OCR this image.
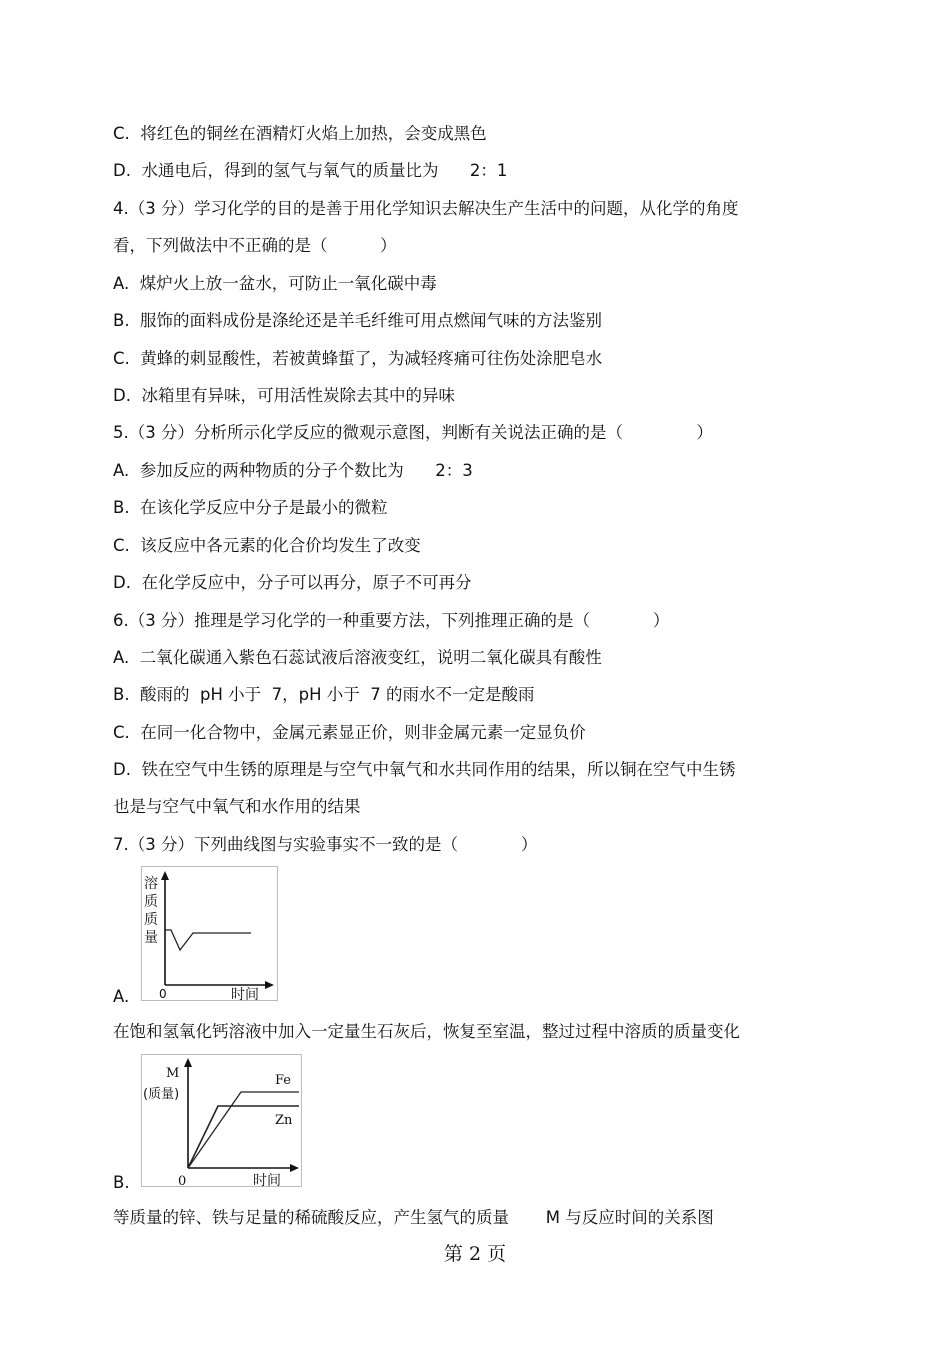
C.  将红色的铜丝在酒精灯火焰上加热，会变成黑色
D.  水通电后，得到的氢气与氧气的质量比为      2：1
4.（3 分）学习化学的目的是善于用化学知识去解决生产生活中的问题，从化学的角度
看，下列做法中不正确的是（          ）
A.  煤炉火上放一盆水，可防止一氧化碳中毒
B.  服饰的面料成份是涤纶还是羊毛纤维可用点燃闻气味的方法鉴别
C.  黄蜂的刺显酸性，若被黄蜂蜇了，为减轻疼痛可往伤处涂肥皂水
D.  冰箱里有异味，可用活性炭除去其中的异味
5.（3 分）分析所示化学反应的微观示意图，判断有关说法正确的是（              ）
A.  参加反应的两种物质的分子个数比为      2：3
B.  在该化学反应中分子是最小的微粒
C.  该反应中各元素的化合价均发生了改变
D.  在化学反应中，分子可以再分，原子不可再分
6.（3 分）推理是学习化学的一种重要方法，下列推理正确的是（            ）
A.  二氧化碳通入紫色石蕊试液后溶液变红，说明二氧化碳具有酸性
B.  酸雨的  pH 小于  7，pH 小于  7 的雨水不一定是酸雨
C.  在同一化合物中，金属元素显正价，则非金属元素一定显负价
D.  铁在空气中生锈的原理是与空气中氧气和水共同作用的结果，所以铜在空气中生锈
也是与空气中氧气和水作用的结果
7.（3 分）下列曲线图与实验事实不一致的是（            ）
A.
在饱和氢氧化钙溶液中加入一定量生石灰后，恢复至室温，整过过程中溶质的质量变化
B.
等质量的锌、铁与足量的稀硫酸反应，产生氢气的质量       M 与反应时间的关系图
溶
质
质
量
0	时间
M
(质量)
Fe
Zn
0	时间
第 2 页
